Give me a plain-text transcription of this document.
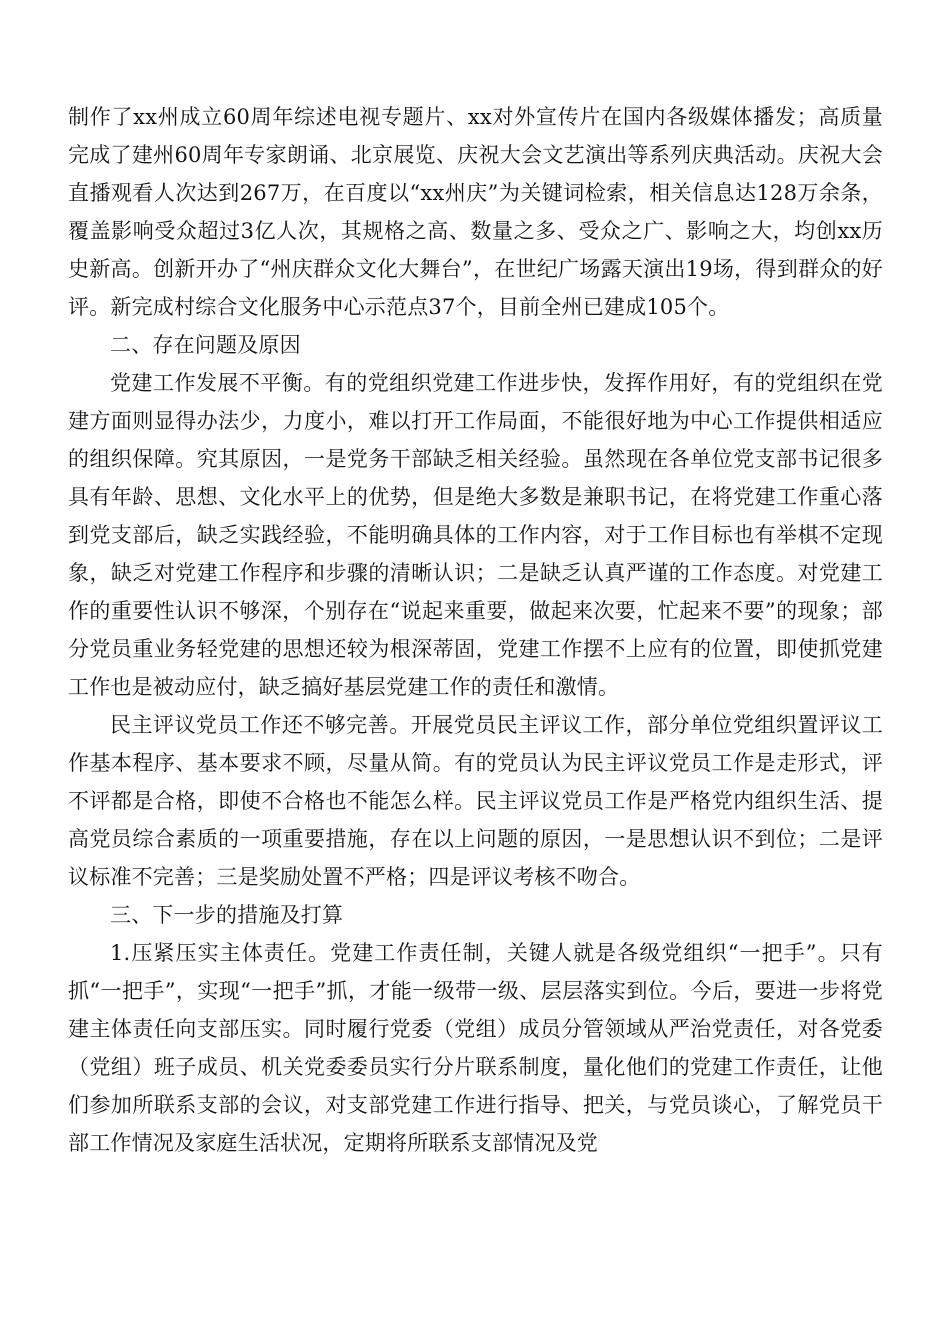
制作了xx州成立60周年综述电视专题片、xx对外宣传片在国内各级媒体播发；高质量完成了建州60周年专家朗诵、北京展览、庆祝大会文艺演出等系列庆典活动。庆祝大会直播观看人次达到267万，在百度以“xx州庆”为关键词检索，相关信息达128万余条，覆盖影响受众超过3亿人次，其规格之高、数量之多、受众之广、影响之大，均创xx历史新高。创新开办了“州庆群众文化大舞台”，在世纪广场露天演出19场，得到群众的好评。新完成村综合文化服务中心示范点37个，目前全州已建成105个。

二、存在问题及原因

党建工作发展不平衡。有的党组织党建工作进步快，发挥作用好，有的党组织在党建方面则显得办法少，力度小，难以打开工作局面，不能很好地为中心工作提供相适应的组织保障。究其原因，一是党务干部缺乏相关经验。虽然现在各单位党支部书记很多具有年龄、思想、文化水平上的优势，但是绝大多数是兼职书记，在将党建工作重心落到党支部后，缺乏实践经验，不能明确具体的工作内容，对于工作目标也有举棋不定现象，缺乏对党建工作程序和步骤的清晰认识；二是缺乏认真严谨的工作态度。对党建工作的重要性认识不够深，个别存在“说起来重要，做起来次要，忙起来不要”的现象；部分党员重业务轻党建的思想还较为根深蒂固，党建工作摆不上应有的位置，即使抓党建工作也是被动应付，缺乏搞好基层党建工作的责任和激情。

民主评议党员工作还不够完善。开展党员民主评议工作，部分单位党组织置评议工作基本程序、基本要求不顾，尽量从简。有的党员认为民主评议党员工作是走形式，评不评都是合格，即使不合格也不能怎么样。民主评议党员工作是严格党内组织生活、提高党员综合素质的一项重要措施，存在以上问题的原因，一是思想认识不到位；二是评议标准不完善；三是奖励处置不严格；四是评议考核不吻合。

三、下一步的措施及打算

1.压紧压实主体责任。党建工作责任制，关键人就是各级党组织“一把手”。只有抓“一把手”，实现“一把手”抓，才能一级带一级、层层落实到位。今后，要进一步将党建主体责任向支部压实。同时履行党委（党组）成员分管领域从严治党责任，对各党委（党组）班子成员、机关党委委员实行分片联系制度，量化他们的党建工作责任，让他们参加所联系支部的会议，对支部党建工作进行指导、把关，与党员谈心，了解党员干部工作情况及家庭生活状况，定期将所联系支部情况及党
